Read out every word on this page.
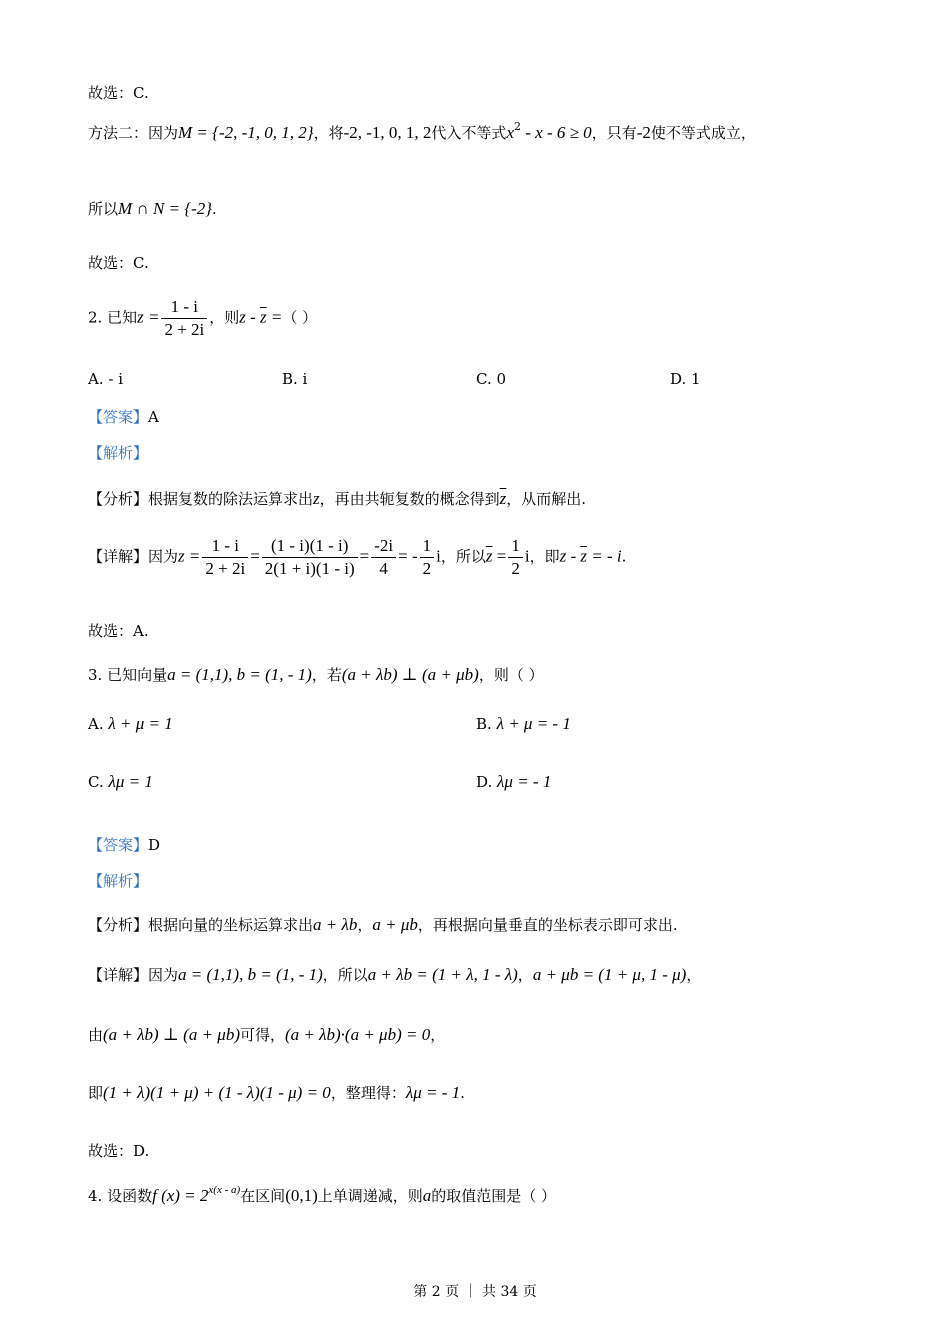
故选：C.
方法二：因为M = {-2, -1, 0, 1, 2}，将-2, -1, 0, 1, 2代入不等式$x^2 - x - 6 \ge 0$，只有-2使不等式成立，
所以M ∩ N = {-2}.
故选：C.
2. 已知$z = \frac{1 - i}{2 + 2i}$ ，则z - $\overline{z}$ =（ ）
A. - i	B. i	C. 0	D. 1
【答案】A
【解析】
【分析】根据复数的除法运算求出z，再由共轭复数的概念得到$\overline{z}$，从而解出.
【详解】因为$z = \frac{1 - i}{2 + 2i} = \frac{(1 - i)(1 - i)}{2(1 + i)(1 - i)} = \frac{-2i}{4}$ = - $\frac{1}{2}$ i，所以$\overline{z} = \frac{1}{2}$ i，即z - $\overline{z}$ = - i.
故选：A.
3. 已知向量a = (1,1), b = (1, - 1)，若(a + λb) ⊥ (a + μb)，则（ ）
A. λ + μ = 1	B. λ + μ = - 1
C. λμ = 1	D. λμ = - 1
【答案】D
【解析】
【分析】根据向量的坐标运算求出a + λb，a + μb，再根据向量垂直的坐标表示即可求出.
【详解】因为a = (1,1), b = (1, - 1)，所以a + λb = (1 + λ, 1 - λ)，a + μb = (1 + μ, 1 - μ)，
由(a + λb) ⊥ (a + μb)可得，(a + λb)·(a + μb) = 0，
即(1 + λ)(1 + μ) + (1 - λ)(1 - μ) = 0，整理得：λμ = - 1.
故选：D.
4. 设函数f $(x) = 2^{x(x - a)}$在区间(0,1)上单调递减，则a的取值范围是（ ）
第 2 页 ｜ 共 34 页
